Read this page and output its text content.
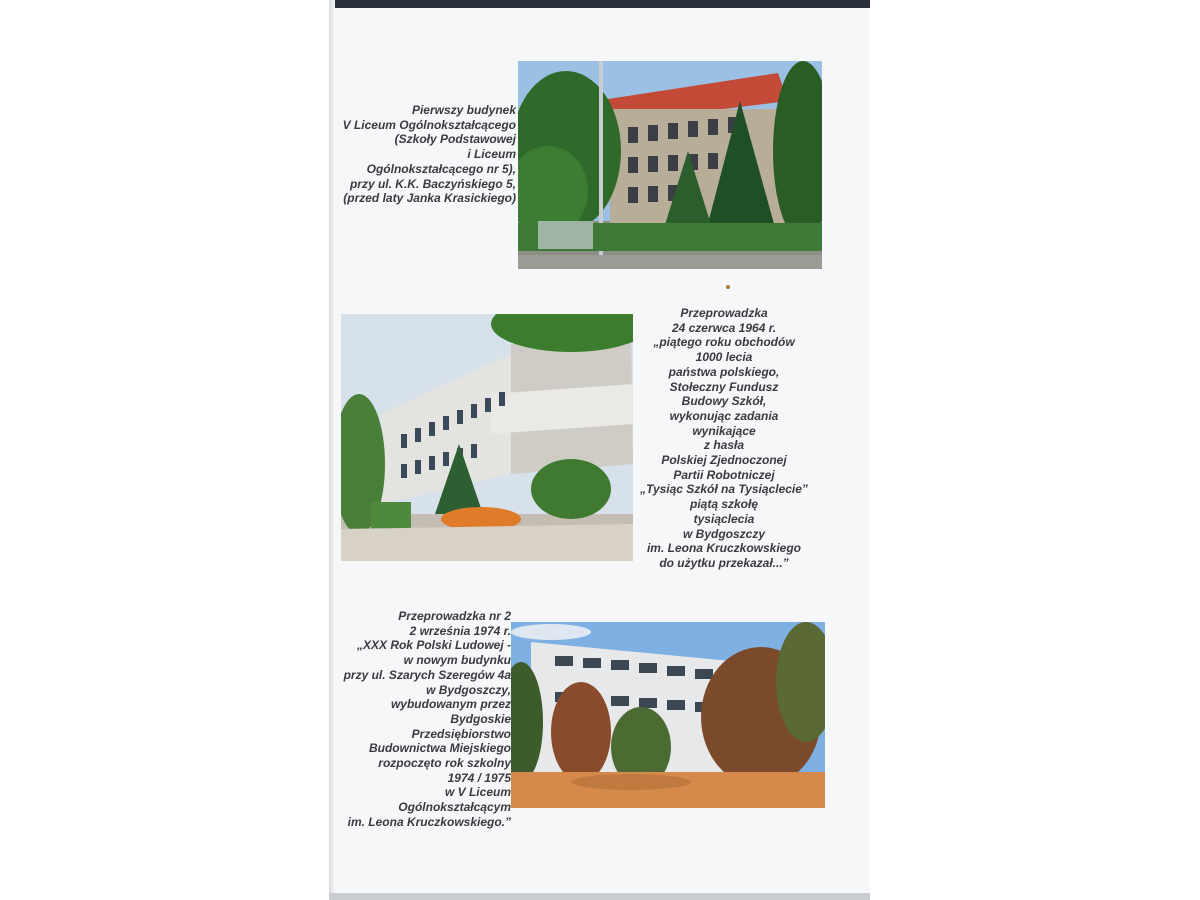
Pierwszy budynek
V Liceum Ogólnokształcącego
(Szkoły Podstawowej
i Liceum
Ogólnokształcącego nr 5),
przy ul. K.K. Baczyńskiego 5,
(przed laty Janka Krasickiego)
Przeprowadzka
24 czerwca 1964 r.
„piątego roku obchodów
1000 lecia
państwa polskiego,
Stołeczny Fundusz
Budowy Szkół,
wykonując zadania
wynikające
z hasła
Polskiej Zjednoczonej
Partii Robotniczej
„Tysiąc Szkół na Tysiąclecie”
piątą szkołę
tysiąclecia
w Bydgoszczy
im. Leona Kruczkowskiego
do użytku przekazał...”
Przeprowadzka nr 2
2 września 1974 r.
„XXX Rok Polski Ludowej -
w nowym budynku
przy ul. Szarych Szeregów 4a
w Bydgoszczy,
wybudowanym przez
Bydgoskie
Przedsiębiorstwo
Budownictwa Miejskiego
rozpoczęto rok szkolny
1974 / 1975
w V Liceum
Ogólnokształcącym
im. Leona Kruczkowskiego.”
